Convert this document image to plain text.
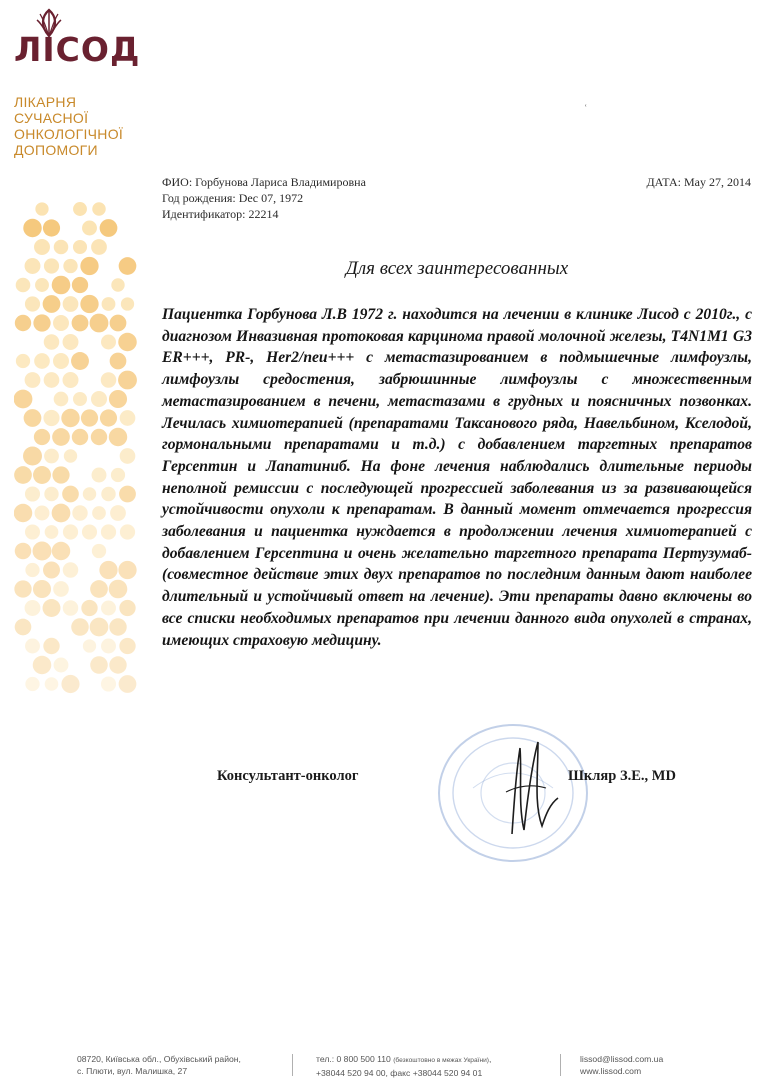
ЛІСОД
ЛІКАРНЯ
СУЧАСНОЇ
ОНКОЛОГІЧНОЇ
ДОПОМОГИ
ФИО: Горбунова Лариса Владимировна
Год рождения: Dec 07, 1972
Идентификатор: 22214
ДАТА: May 27, 2014
ʿ
Для всех заинтересованных

Пациентка Горбунова Л.В 1972 г. находится на лечении в клинике Лисод с 2010г., с диагнозом Инвазивная протоковая карцинома правой молочной железы, T4N1M1 G3 ER+++, PR-, Her2/neu+++ с метастазированием в подмышечные лимфоузлы, лимфоузлы средостения, забрюшинные лимфоузлы с множественным метастазированием в печени, метастазами в грудных и поясничных позвонках. Лечилась химиотерапией (препаратами Таксанового ряда, Навельбином, Кселодой, гормональными препаратами и т.д.) с добавлением таргетных препаратов Герсептин и Лапатиниб. На фоне лечения наблюдались длительные периоды неполной ремиссии с последующей прогрессией заболевания из за развивающейся устойчивости опухоли к препаратам. В данный момент отмечается прогрессия заболевания и пациентка нуждается в продолжении лечения химиотерапией с добавлением Герсептина и очень желательно таргетного препарата Пертузумаб- (совместное действие этих двух препаратов по последним данным дают наиболее длительный и устойчивый ответ на лечение). Эти препараты давно включены во все списки необходимых препаратов при лечении данного вида опухолей в странах, имеющих страховую медицину.

Консультант-онколог	Шкляр З.Е., MD
08720, Київська обл., Обухівський район,
с. Плюти, вул. Малишка, 27
тел.: 0 800 500 110 (безкоштовно в межах України),
+38044 520 94 00, факс +38044 520 94 01
lissod@lissod.com.ua
www.lissod.com
